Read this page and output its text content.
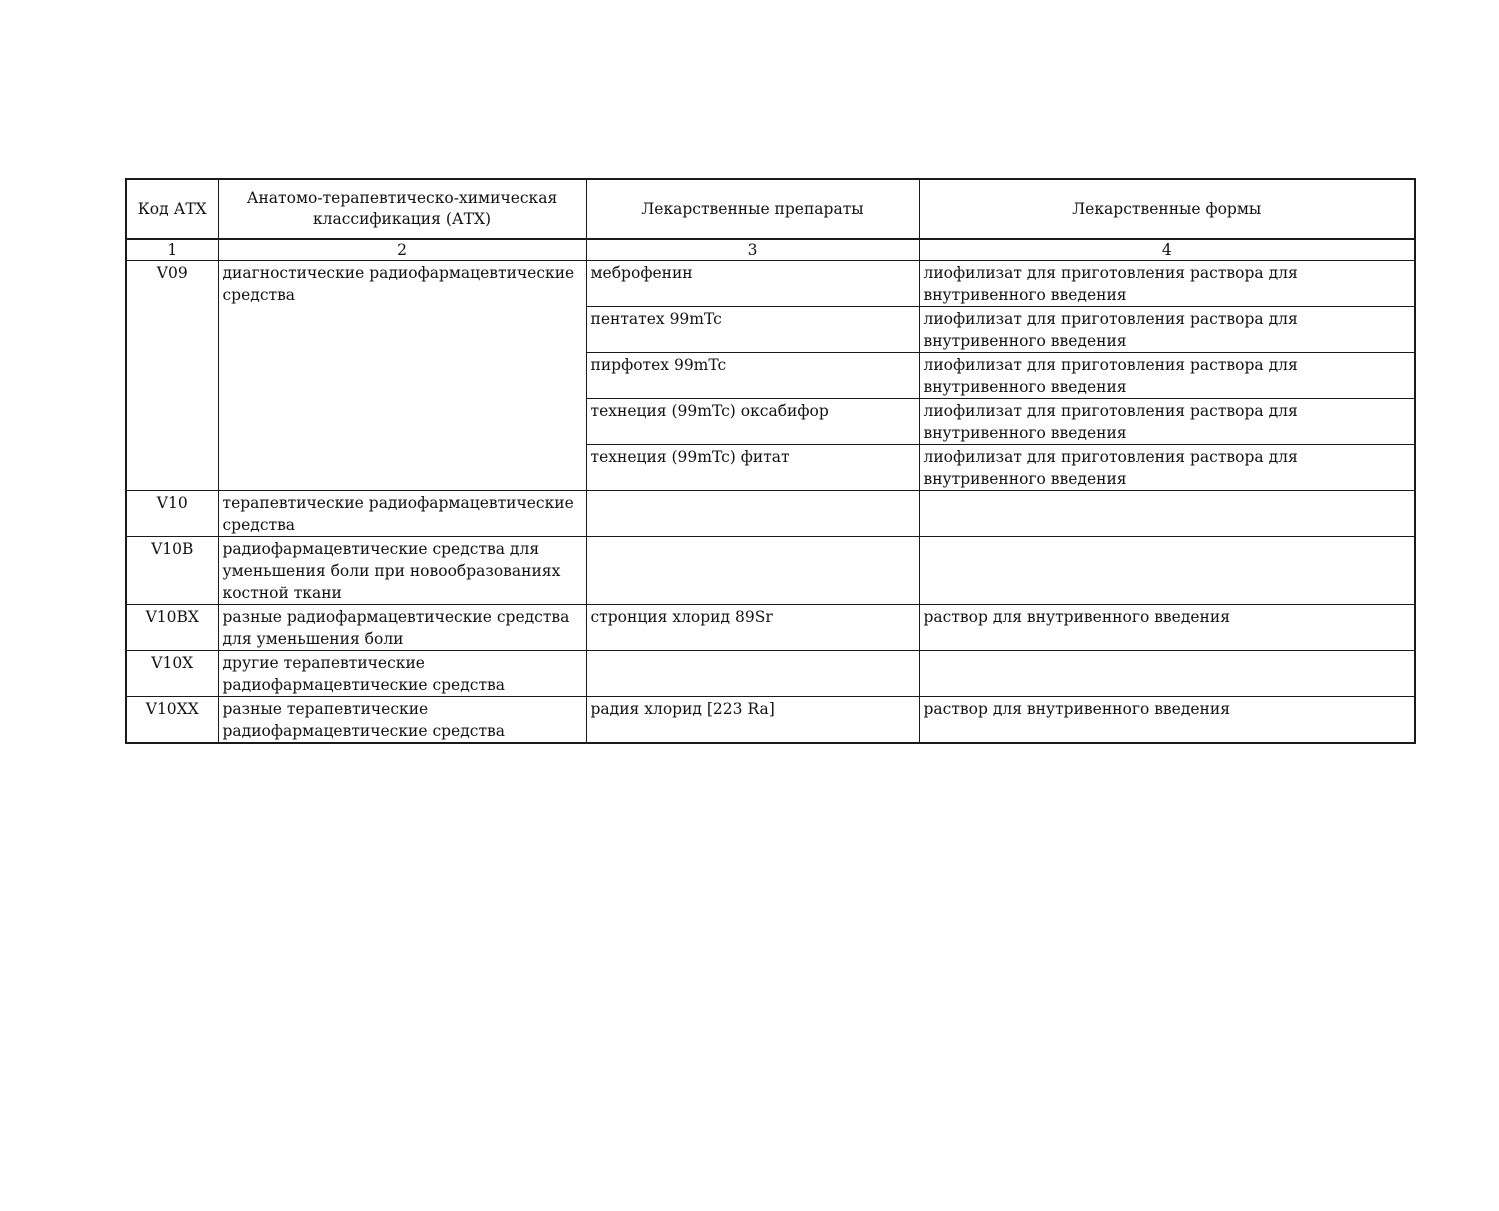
Код АТХ	Анатомо-терапевтическо-химическая классификация (АТХ)	Лекарственные препараты	Лекарственные формы
1	2	3	4
V09	диагностические радиофармацевтические средства	меброфенин	лиофилизат для приготовления раствора для внутривенного введения
		пентатех 99mTc	лиофилизат для приготовления раствора для внутривенного введения
		пирфотех 99mTc	лиофилизат для приготовления раствора для внутривенного введения
		технеция (99mTc) оксабифор	лиофилизат для приготовления раствора для внутривенного введения
		технеция (99mTc) фитат	лиофилизат для приготовления раствора для внутривенного введения
V10	терапевтические радиофармацевтические средства		
V10B	радиофармацевтические средства для уменьшения боли при новообразованиях костной ткани		
V10BX	разные радиофармацевтические средства для уменьшения боли	стронция хлорид 89Sr	раствор для внутривенного введения
V10X	другие терапевтические радиофармацевтические средства		
V10XX	разные терапевтические радиофармацевтические средства	радия хлорид [223 Ra]	раствор для внутривенного введения
